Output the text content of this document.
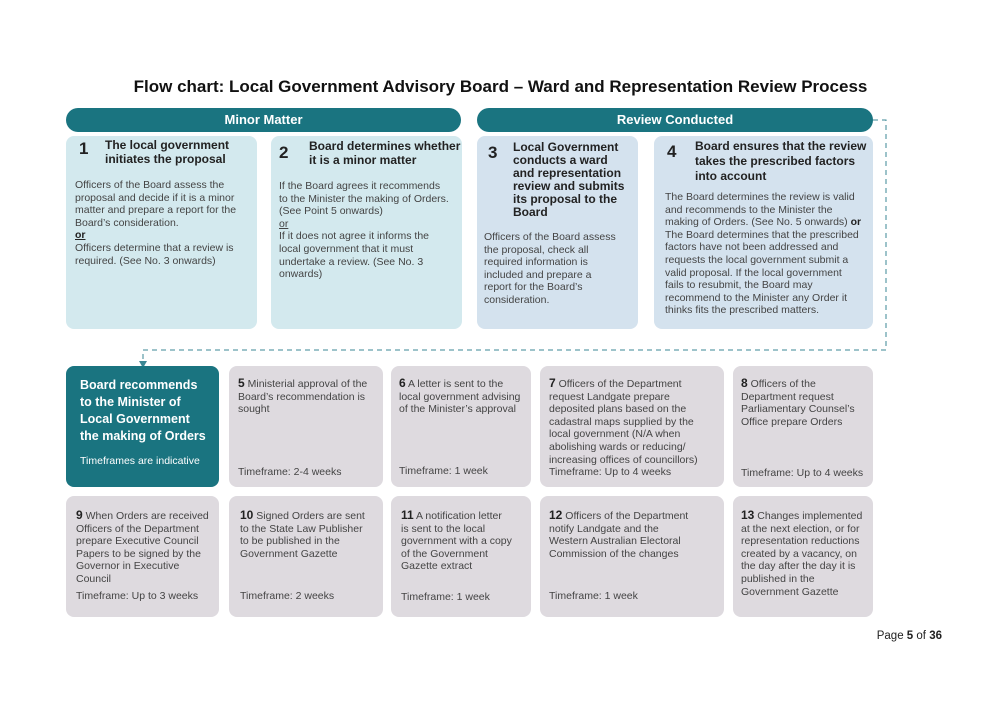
Flow chart: Local Government Advisory Board – Ward and Representation Review Process
Minor Matter	Review Conducted
1 The local government
initiates the proposal
Officers of the Board assess the
proposal and decide if it is a minor
matter and prepare a report for the
Board’s consideration.
or
Officers determine that a review is
required. (See No. 3 onwards)
2 Board determines whether
it is a minor matter
If the Board agrees it recommends
to the Minister the making of Orders.
(See Point 5 onwards)
or
If it does not agree it informs the
local government that it must
undertake a review. (See No. 3
onwards)
3 Local Government
conducts a ward
and representation
review and submits
its proposal to the
Board
Officers of the Board assess
the proposal, check all
required information is
included and prepare a
report for the Board’s
consideration.
4 Board ensures that the review
takes the prescribed factors
into account
The Board determines the review is valid
and recommends to the Minister the
making of Orders. (See No. 5 onwards) or
The Board determines that the prescribed
factors have not been addressed and
requests the local government submit a
valid proposal. If the local government
fails to resubmit, the Board may
recommend to the Minister any Order it
thinks fits the prescribed matters.
Board recommends
to the Minister of
Local Government
the making of Orders
Timeframes are indicative
5 Ministerial approval of the
Board’s recommendation is
sought
Timeframe: 2-4 weeks
6 A letter is sent to the
local government advising
of the Minister’s approval
Timeframe: 1 week
7 Officers of the Department
request Landgate prepare
deposited plans based on the
cadastral maps supplied by the
local government (N/A when
abolishing wards or reducing/
increasing offices of councillors)
Timeframe: Up to 4 weeks
8 Officers of the
Department request
Parliamentary Counsel’s
Office prepare Orders
Timeframe: Up to 4 weeks
9 When Orders are received
Officers of the Department
prepare Executive Council
Papers to be signed by the
Governor in Executive
Council
Timeframe: Up to 3 weeks
10 Signed Orders are sent
to the State Law Publisher
to be published in the
Government Gazette
Timeframe: 2 weeks
11 A notification letter
is sent to the local
government with a copy
of the Government
Gazette extract
Timeframe: 1 week
12 Officers of the Department
notify Landgate and the
Western Australian Electoral
Commission of the changes
Timeframe: 1 week
13 Changes implemented
at the next election, or for
representation reductions
created by a vacancy, on
the day after the day it is
published in the
Government Gazette
Page 5 of 36
